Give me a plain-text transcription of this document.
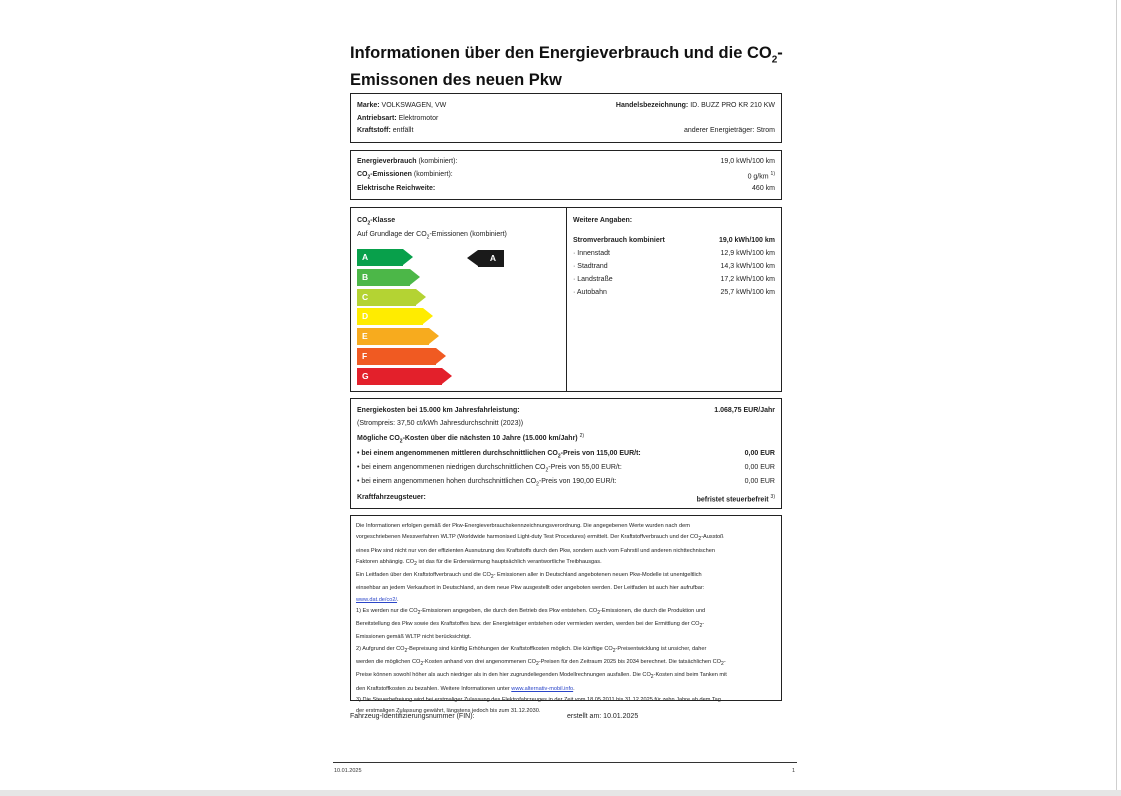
Informationen über den Energieverbrauch und die $CO_2-$
Emissonen des neuen Pkw
Marke: VOLKSWAGEN, VW	Handelsbezeichnung: ID. BUZZ PRO KR 210 KW
Antriebsart: Elektromotor
Kraftstoff: entfällt	anderer Energieträger: Strom
Energieverbrauch (kombiniert):	19,0 kWh/100 km
$CO_2$-Emissionen (kombiniert):	0 g/km $^{1)}$
Elektrische Reichweite:	460 km
$CO_2$-Klasse
Auf Grundlage der $CO_2$-Emissionen (kombiniert)
A
B
C
D
E
F
G
A
Weitere Angaben:
Stromverbrauch kombiniert	19,0 kWh/100 km
· Innenstadt	12,9 kWh/100 km
· Stadtrand	14,3 kWh/100 km
· Landstraße	17,2 kWh/100 km
· Autobahn	25,7 kWh/100 km
Energiekosten bei 15.000 km Jahresfahrleistung:	1.068,75 EUR/Jahr
(Strompreis: 37,50 ct/kWh Jahresdurchschnitt (2023))
Mögliche $CO_2$-Kosten über die nächsten 10 Jahre (15.000 km/Jahr) $^{2)}$
• bei einem angenommenen mittleren durchschnittlichen $CO_2$-Preis von 115,00 EUR/t:	0,00 EUR
• bei einem angenommenen niedrigen durchschnittlichen $CO_2$-Preis von 55,00 EUR/t:	0,00 EUR
• bei einem angenommenen hohen durchschnittlichen $CO_2$-Preis von 190,00 EUR/t:	0,00 EUR
Kraftfahrzeugsteuer:	befristet steuerbefreit $^{3)}$
Die Informationen erfolgen gemäß der Pkw-Energieverbrauchskennzeichnungsverordnung. Die angegebenen Werte wurden nach dem
vorgeschriebenen Messverfahren WLTP (Worldwide harmonised Light-duty Test Procedures) ermittelt. Der Kraftstoffverbrauch und der $CO_2$-Ausstoß
eines Pkw sind nicht nur von der effizienten Ausnutzung des Kraftstoffs durch den Pkw, sondern auch vom Fahrstil und anderen nichttechnischen
Faktoren abhängig. $CO_2$ ist das für die Erderwärmung hauptsächlich verantwortliche Treibhausgas.
Ein Leitfaden über den Kraftstoffverbrauch und die $CO_2-$ Emissionen aller in Deutschland angebotenen neuen Pkw-Modelle ist unentgeltlich
einsehbar an jedem Verkaufsort in Deutschland, an dem neue Pkw ausgestellt oder angeboten werden. Der Leitfaden ist auch hier aufrufbar:
www.dat.de/co2/.
1) Es werden nur die $CO_2$-Emissionen angegeben, die durch den Betrieb des Pkw entstehen. $CO_2$-Emissionen, die durch die Produktion und
Bereitstellung des Pkw sowie des Kraftstoffes bzw. der Energieträger entstehen oder vermieden werden, werden bei der Ermittlung der $CO_2-$
Emissionen gemäß WLTP nicht berücksichtigt.
2) Aufgrund der $CO_2$-Bepreisung sind künftig Erhöhungen der Kraftstoffkosten möglich. Die künftige $CO_2$-Preisentwicklung ist unsicher, daher
werden die möglichen $CO_2$-Kosten anhand von drei angenommenen $CO_2$-Preisen für den Zeitraum 2025 bis 2034 berechnet. Die tatsächlichen $CO_2-$
Preise können sowohl höher als auch niedriger als in den hier zugrundeliegenden Modellrechnungen ausfallen. Die $CO_2$-Kosten sind beim Tanken mit
den Kraftstoffkosten zu bezahlen. Weitere Informationen unter www.alternativ-mobil.info.
3) Die Steuerbefreiung wird bei erstmaliger Zulassung des Elektrofahrzeuges in der Zeit vom 18.05.2011 bis 31.12.2025 für zehn Jahre ab dem Tag
der erstmaligen Zulassung gewährt, längstens jedoch bis zum 31.12.2030.
Fahrzeug-Identifizierungsnummer (FIN):	erstellt am: 10.01.2025
10.01.2025	1
